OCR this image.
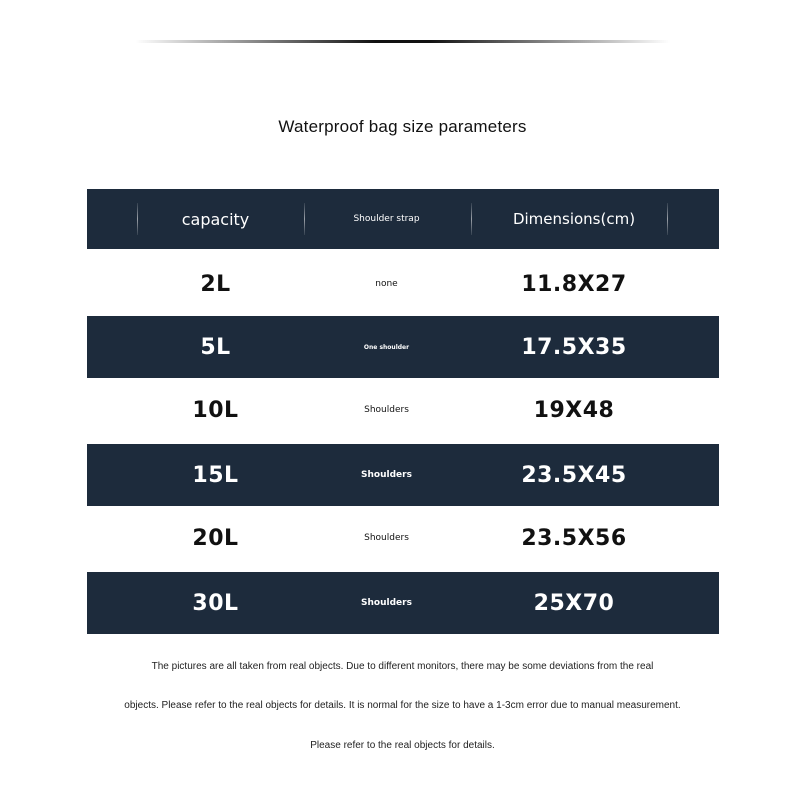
Waterproof bag size parameters
capacity	Shoulder strap	Dimensions(cm)
2L	none	11.8X27
5L	One shoulder	17.5X35
10L	Shoulders	19X48
15L	Shoulders	23.5X45
20L	Shoulders	23.5X56
30L	Shoulders	25X70
The pictures are all taken from real objects. Due to different monitors, there may be some deviations from the real
objects. Please refer to the real objects for details. It is normal for the size to have a 1-3cm error due to manual measurement.
Please refer to the real objects for details.
